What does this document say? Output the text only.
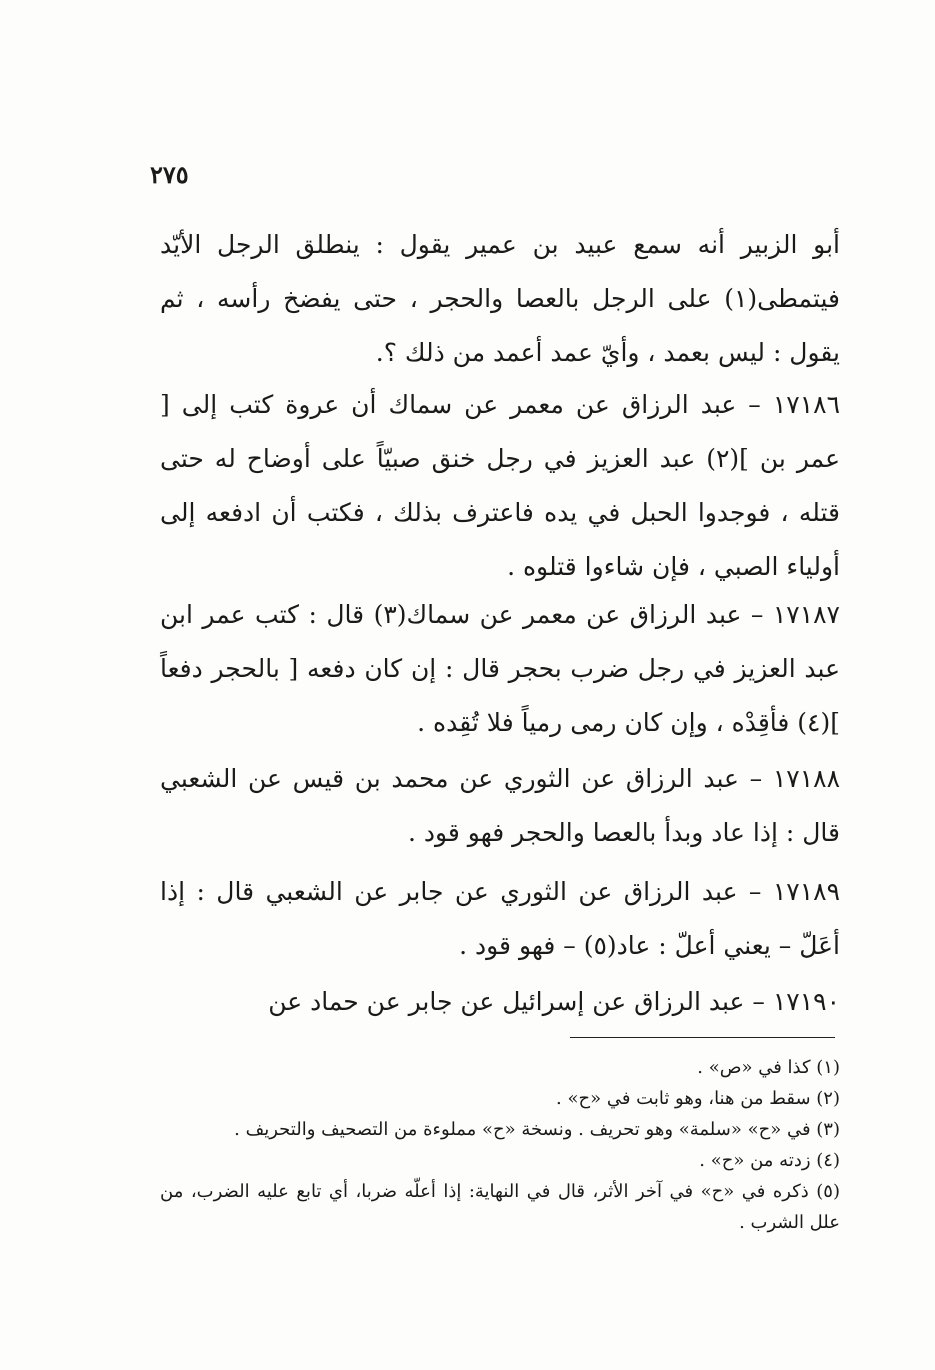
٢٧٥

أبو الزبير أنه سمع عبيد بن عمير يقول : ينطلق الرجل الأيّد فيتمطى(١) على الرجل بالعصا والحجر ، حتى يفضخ رأسه ، ثم يقول : ليس بعمد ، وأيّ عمد أعمد من ذلك ؟.

١٧١٨٦ – عبد الرزاق عن معمر عن سماك أن عروة كتب إلى [ عمر بن ](٢) عبد العزيز في رجل خنق صبيّاً على أوضاح له حتى قتله ، فوجدوا الحبل في يده فاعترف بذلك ، فكتب أن ادفعه إلى أولياء الصبي ، فإن شاءوا قتلوه .

١٧١٨٧ – عبد الرزاق عن معمر عن سماك(٣) قال : كتب عمر ابن عبد العزيز في رجل ضرب بحجر قال : إن كان دفعه [ بالحجر دفعاً ](٤) فأقِدْه ، وإن كان رمى رمياً فلا تُقِده .

١٧١٨٨ – عبد الرزاق عن الثوري عن محمد بن قيس عن الشعبي قال : إذا عاد وبدأ بالعصا والحجر فهو قود .

١٧١٨٩ – عبد الرزاق عن الثوري عن جابر عن الشعبي قال : إذا أعَلّ – يعني أعلّ : عاد(٥) – فهو قود .

١٧١٩٠ – عبد الرزاق عن إسرائيل عن جابر عن حماد عن

(١) كذا في «ص» .

(٢) سقط من هنا، وهو ثابت في «ح» .

(٣) في «ح» «سلمة» وهو تحريف . ونسخة «ح» مملوءة من التصحيف والتحريف .

(٤) زدته من «ح» .

(٥) ذكره في «ح» في آخر الأثر، قال في النهاية: إذا أعلّه ضربا، أي تابع عليه الضرب، من علل الشرب .
